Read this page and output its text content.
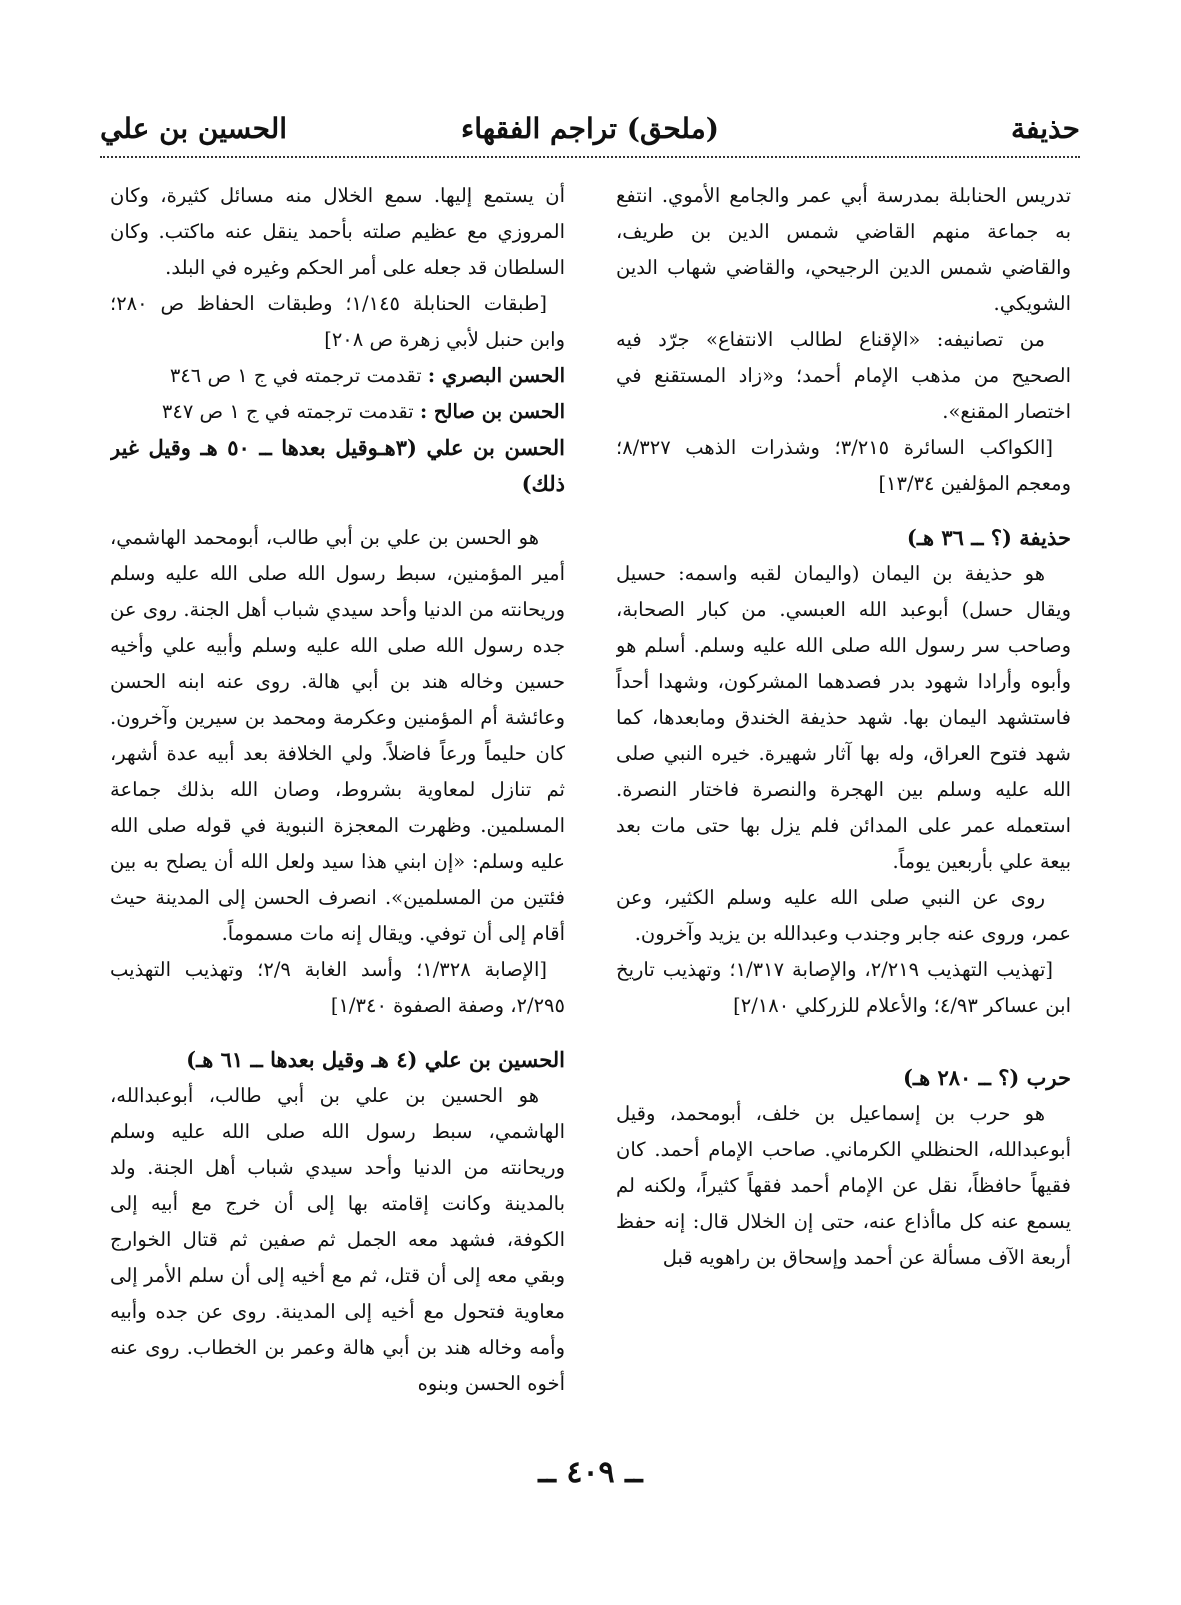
حذيفة
(ملحق) تراجم الفقهاء
الحسين بن علي

تدريس الحنابلة بمدرسة أبي عمر والجامع الأموي. انتفع به جماعة منهم القاضي شمس الدين بن طريف، والقاضي شمس الدين الرجيحي، والقاضي شهاب الدين الشويكي.

من تصانيفه: «الإقناع لطالب الانتفاع» جرّد فيه الصحيح من مذهب الإمام أحمد؛ و«زاد المستقنع في اختصار المقنع».

[الكواكب السائرة ٣/٢١٥؛ وشذرات الذهب ٨/٣٢٧؛ ومعجم المؤلفين ١٣/٣٤]

حذيفة (؟ ــ ٣٦ هـ)

هو حذيفة بن اليمان (واليمان لقبه واسمه: حسيل ويقال حسل) أبوعبد الله العبسي. من كبار الصحابة، وصاحب سر رسول الله صلى الله عليه وسلم. أسلم هو وأبوه وأرادا شهود بدر فصدهما المشركون، وشهدا أحداً فاستشهد اليمان بها. شهد حذيفة الخندق ومابعدها، كما شهد فتوح العراق، وله بها آثار شهيرة. خيره النبي صلى الله عليه وسلم بين الهجرة والنصرة فاختار النصرة. استعمله عمر على المدائن فلم يزل بها حتى مات بعد بيعة علي بأربعين يوماً.

روى عن النبي صلى الله عليه وسلم الكثير، وعن عمر، وروى عنه جابر وجندب وعبدالله بن يزيد وآخرون.

[تهذيب التهذيب ٢/٢١٩، والإصابة ١/٣١٧؛ وتهذيب تاريخ ابن عساكر ٤/٩٣؛ والأعلام للزركلي ٢/١٨٠]

حرب (؟ ــ ٢٨٠ هـ)

هو حرب بن إسماعيل بن خلف، أبومحمد، وقيل أبوعبدالله، الحنظلي الكرماني. صاحب الإمام أحمد. كان فقيهاً حافظاً، نقل عن الإمام أحمد فقهاً كثيراً، ولكنه لم يسمع عنه كل ماأذاع عنه، حتى إن الخلال قال: إنه حفظ أربعة الآف مسألة عن أحمد وإسحاق بن راهويه قبل

أن يستمع إليها. سمع الخلال منه مسائل كثيرة، وكان المروزي مع عظيم صلته بأحمد ينقل عنه ماكتب. وكان السلطان قد جعله على أمر الحكم وغيره في البلد.

[طبقات الحنابلة ١/١٤٥؛ وطبقات الحفاظ ص ٢٨٠؛ وابن حنبل لأبي زهرة ص ٢٠٨]

الحسن البصري : تقدمت ترجمته في ج ١ ص ٣٤٦

الحسن بن صالح : تقدمت ترجمته في ج ١ ص ٣٤٧

الحسن بن علي (٣هـوقيل بعدها ــ ٥٠ هـ وقيل غير ذلك)

هو الحسن بن علي بن أبي طالب، أبومحمد الهاشمي، أمير المؤمنين، سبط رسول الله صلى الله عليه وسلم وريحانته من الدنيا وأحد سيدي شباب أهل الجنة. روى عن جده رسول الله صلى الله عليه وسلم وأبيه علي وأخيه حسين وخاله هند بن أبي هالة. روى عنه ابنه الحسن وعائشة أم المؤمنين وعكرمة ومحمد بن سيرين وآخرون. كان حليماً ورعاً فاضلاً. ولي الخلافة بعد أبيه عدة أشهر، ثم تنازل لمعاوية بشروط، وصان الله بذلك جماعة المسلمين. وظهرت المعجزة النبوية في قوله صلى الله عليه وسلم: «إن ابني هذا سيد ولعل الله أن يصلح به بين فئتين من المسلمين». انصرف الحسن إلى المدينة حيث أقام إلى أن توفي. ويقال إنه مات مسموماً.

[الإصابة ١/٣٢٨؛ وأسد الغابة ٢/٩؛ وتهذيب التهذيب ٢/٢٩٥، وصفة الصفوة ١/٣٤٠]

الحسين بن علي (٤ هـ وقيل بعدها ــ ٦١ هـ)

هو الحسين بن علي بن أبي طالب، أبوعبدالله، الهاشمي، سبط رسول الله صلى الله عليه وسلم وريحانته من الدنيا وأحد سيدي شباب أهل الجنة. ولد بالمدينة وكانت إقامته بها إلى أن خرج مع أبيه إلى الكوفة، فشهد معه الجمل ثم صفين ثم قتال الخوارج وبقي معه إلى أن قتل، ثم مع أخيه إلى أن سلم الأمر إلى معاوية فتحول مع أخيه إلى المدينة. روى عن جده وأبيه وأمه وخاله هند بن أبي هالة وعمر بن الخطاب. روى عنه أخوه الحسن وبنوه

ــ ٤٠٩ ــ
